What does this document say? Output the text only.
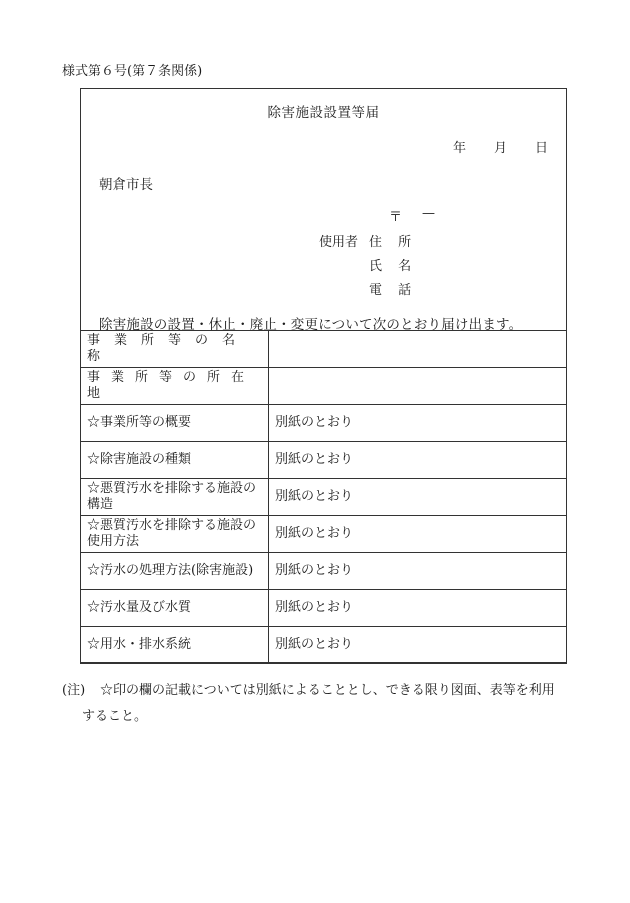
様式第６号(第７条関係)
除害施設設置等届
年 月 日
朝倉市長
〒 —
使用者 住 所
氏 名
電 話
除害施設の設置・休止・廃止・変更について次のとおり届け出ます。
事業所等の名称	
事業所等の所在地	
☆事業所等の概要	別紙のとおり
☆除害施設の種類	別紙のとおり
☆悪質汚水を排除する施設の構造	別紙のとおり
☆悪質汚水を排除する施設の使用方法	別紙のとおり
☆汚水の処理方法(除害施設)	別紙のとおり
☆汚水量及び水質	別紙のとおり
☆用水・排水系統	別紙のとおり
(注) ☆印の欄の記載については別紙によることとし、できる限り図面、表等を利用
すること。
